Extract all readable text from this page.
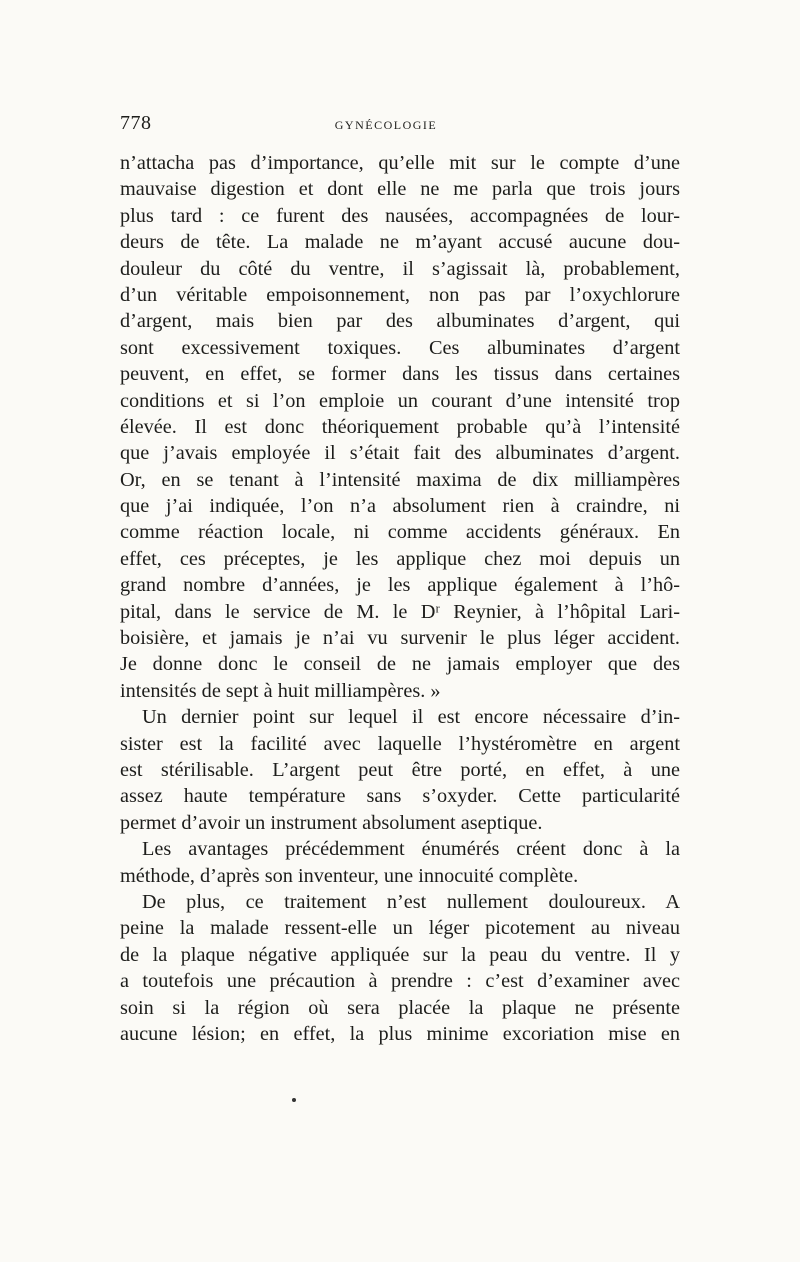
778	GYNÉCOLOGIE
n’attacha pas d’importance, qu’elle mit sur le compte d’une
mauvaise digestion et dont elle ne me parla que trois jours
plus tard : ce furent des nausées, accompagnées de lour-
deurs de tête. La malade ne m’ayant accusé aucune dou-
douleur du côté du ventre, il s’agissait là, probablement,
d’un véritable empoisonnement, non pas par l’oxychlorure
d’argent, mais bien par des albuminates d’argent, qui
sont excessivement toxiques. Ces albuminates d’argent
peuvent, en effet, se former dans les tissus dans certaines
conditions et si l’on emploie un courant d’une intensité trop
élevée. Il est donc théoriquement probable qu’à l’intensité
que j’avais employée il s’était fait des albuminates d’argent.
Or, en se tenant à l’intensité maxima de dix milliampères
que j’ai indiquée, l’on n’a absolument rien à craindre, ni
comme réaction locale, ni comme accidents généraux. En
effet, ces préceptes, je les applique chez moi depuis un
grand nombre d’années, je les applique également à l’hô-
pital, dans le service de M. le Dʳ Reynier, à l’hôpital Lari-
boisière, et jamais je n’ai vu survenir le plus léger accident.
Je donne donc le conseil de ne jamais employer que des
intensités de sept à huit milliampères. »
Un dernier point sur lequel il est encore nécessaire d’in-
sister est la facilité avec laquelle l’hystéromètre en argent
est stérilisable. L’argent peut être porté, en effet, à une
assez haute température sans s’oxyder. Cette particularité
permet d’avoir un instrument absolument aseptique.
Les avantages précédemment énumérés créent donc à la
méthode, d’après son inventeur, une innocuité complète.
De plus, ce traitement n’est nullement douloureux. A
peine la malade ressent-elle un léger picotement au niveau
de la plaque négative appliquée sur la peau du ventre. Il y
a toutefois une précaution à prendre : c’est d’examiner avec
soin si la région où sera placée la plaque ne présente
aucune lésion; en effet, la plus minime excoriation mise en
